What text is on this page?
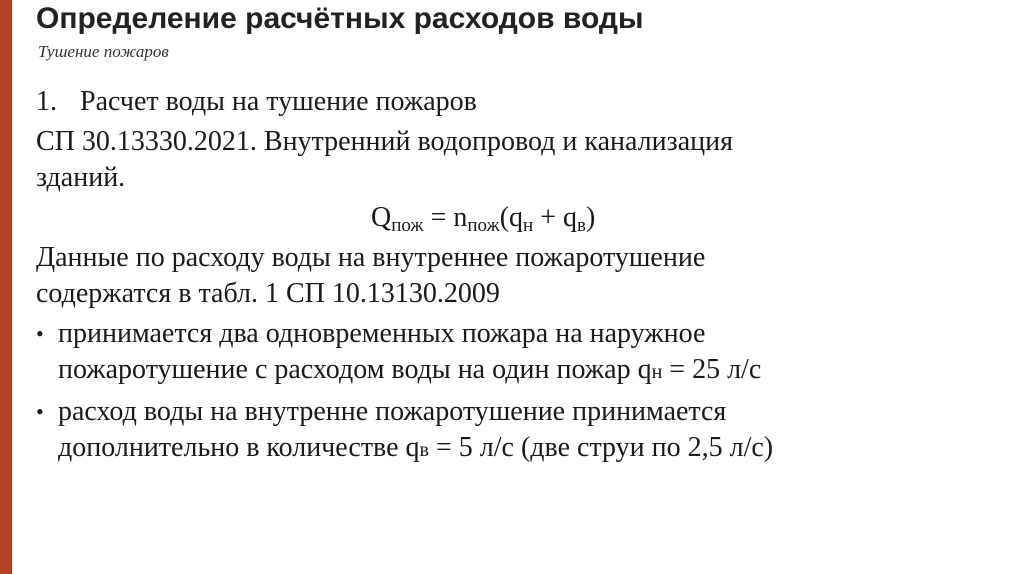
Определение расчётных расходов воды
Тушение пожаров
1. Расчет воды на тушение пожаров
СП 30.13330.2021. Внутренний водопровод и канализация
зданий.
$Q_{пож} = n_{пож}(q_н + q_в)$
Данные по расходу воды на внутреннее пожаротушение
содержатся в табл. 1 СП 10.13130.2009
• принимается два одновременных пожара на наружное
пожаротушение с расходом воды на один пожар qн = 25 л/с
• расход воды на внутренне пожаротушение принимается
дополнительно в количестве qв = 5 л/с (две струи по 2,5 л/с)
